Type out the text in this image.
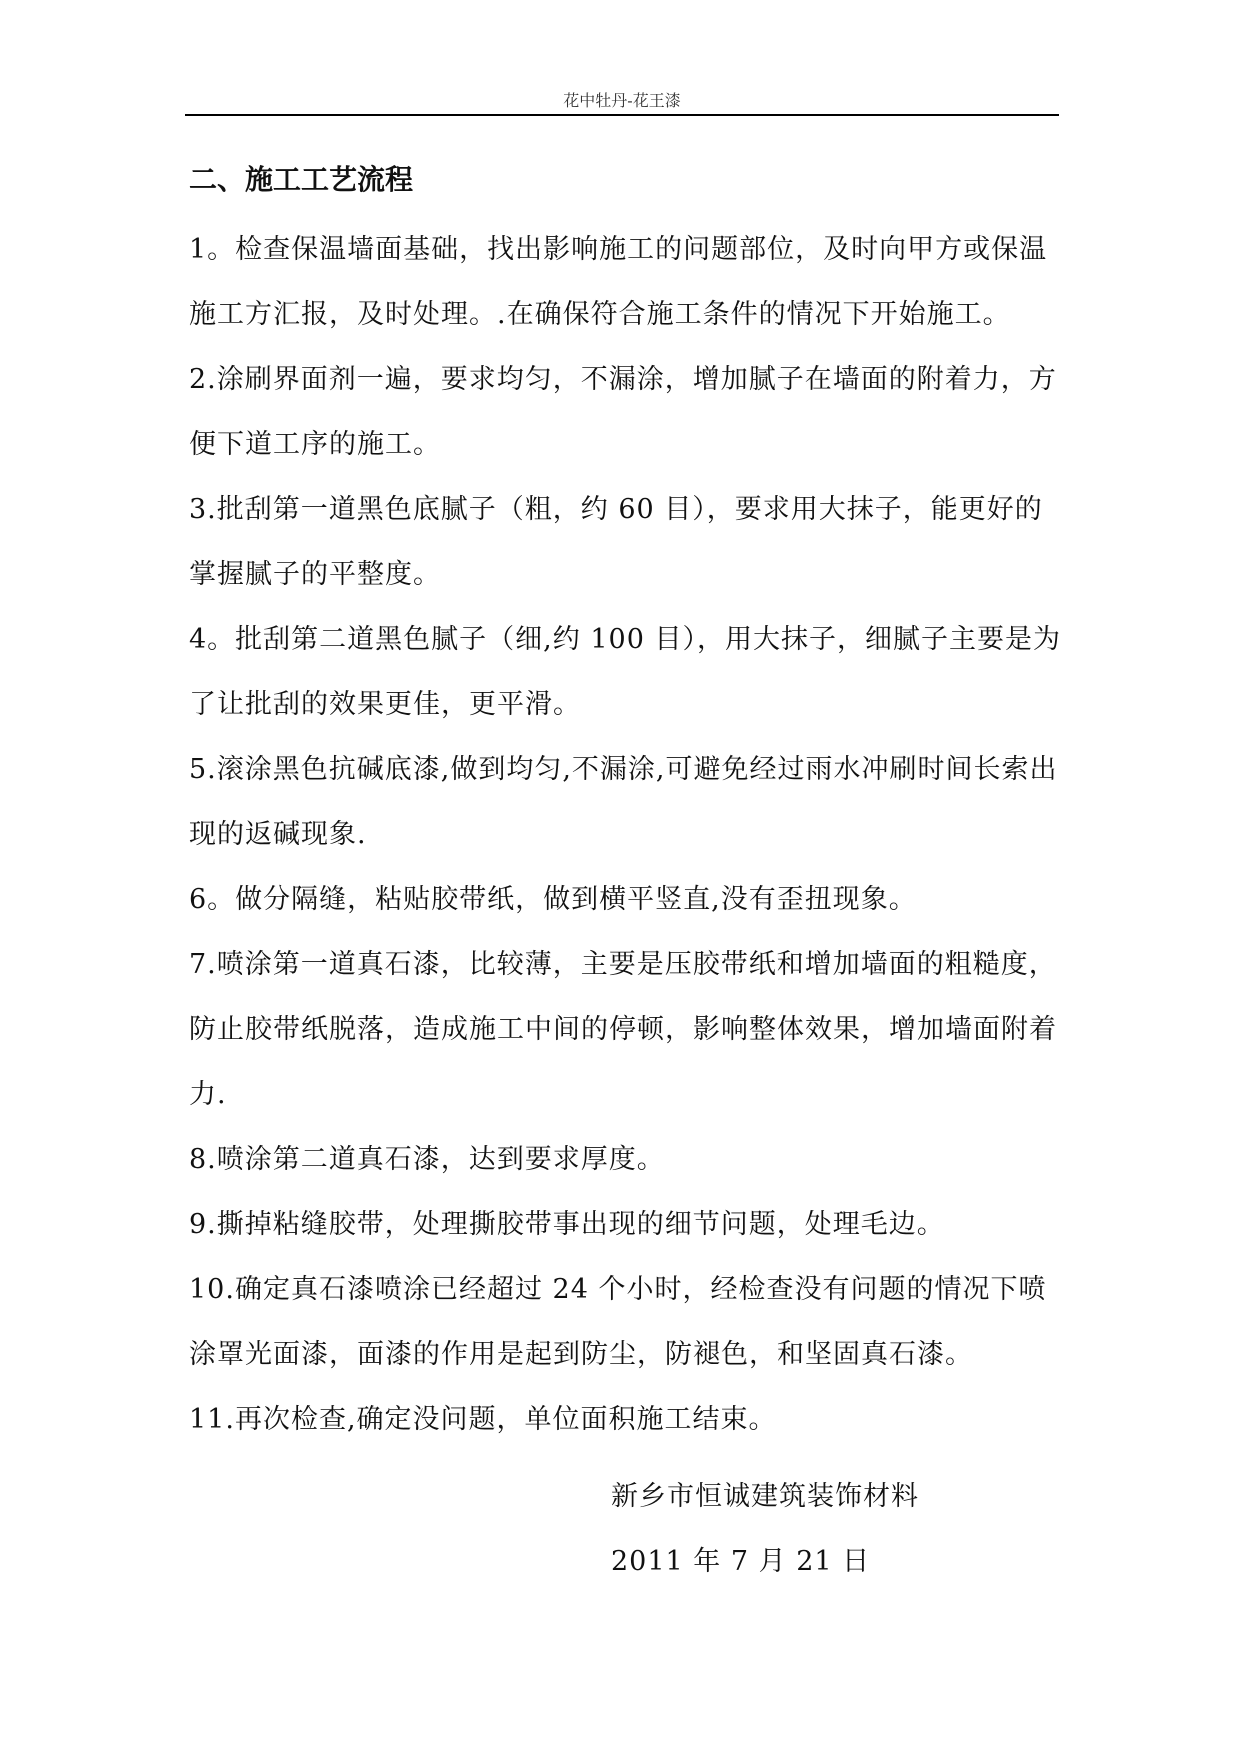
花中牡丹-花王漆
二、施工工艺流程

1。检查保温墙面基础，找出影响施工的问题部位，及时向甲方或保温施工方汇报，及时处理。.在确保符合施工条件的情况下开始施工。

2.涂刷界面剂一遍，要求均匀，不漏涂，增加腻子在墙面的附着力，方便下道工序的施工。

3.批刮第一道黑色底腻子（粗，约 60 目），要求用大抹子，能更好的掌握腻子的平整度。

4。批刮第二道黑色腻子（细,约 100 目），用大抹子，细腻子主要是为了让批刮的效果更佳，更平滑。

5.滚涂黑色抗碱底漆,做到均匀,不漏涂,可避免经过雨水冲刷时间长索出现的返碱现象.

6。做分隔缝，粘贴胶带纸，做到横平竖直,没有歪扭现象。

7.喷涂第一道真石漆，比较薄，主要是压胶带纸和增加墙面的粗糙度，防止胶带纸脱落，造成施工中间的停顿，影响整体效果，增加墙面附着力.

8.喷涂第二道真石漆，达到要求厚度。

9.撕掉粘缝胶带，处理撕胶带事出现的细节问题，处理毛边。

10.确定真石漆喷涂已经超过 24 个小时，经检查没有问题的情况下喷涂罩光面漆，面漆的作用是起到防尘，防褪色，和坚固真石漆。

11.再次检查,确定没问题，单位面积施工结束。

新乡市恒诚建筑装饰材料
2011 年 7 月 21 日
